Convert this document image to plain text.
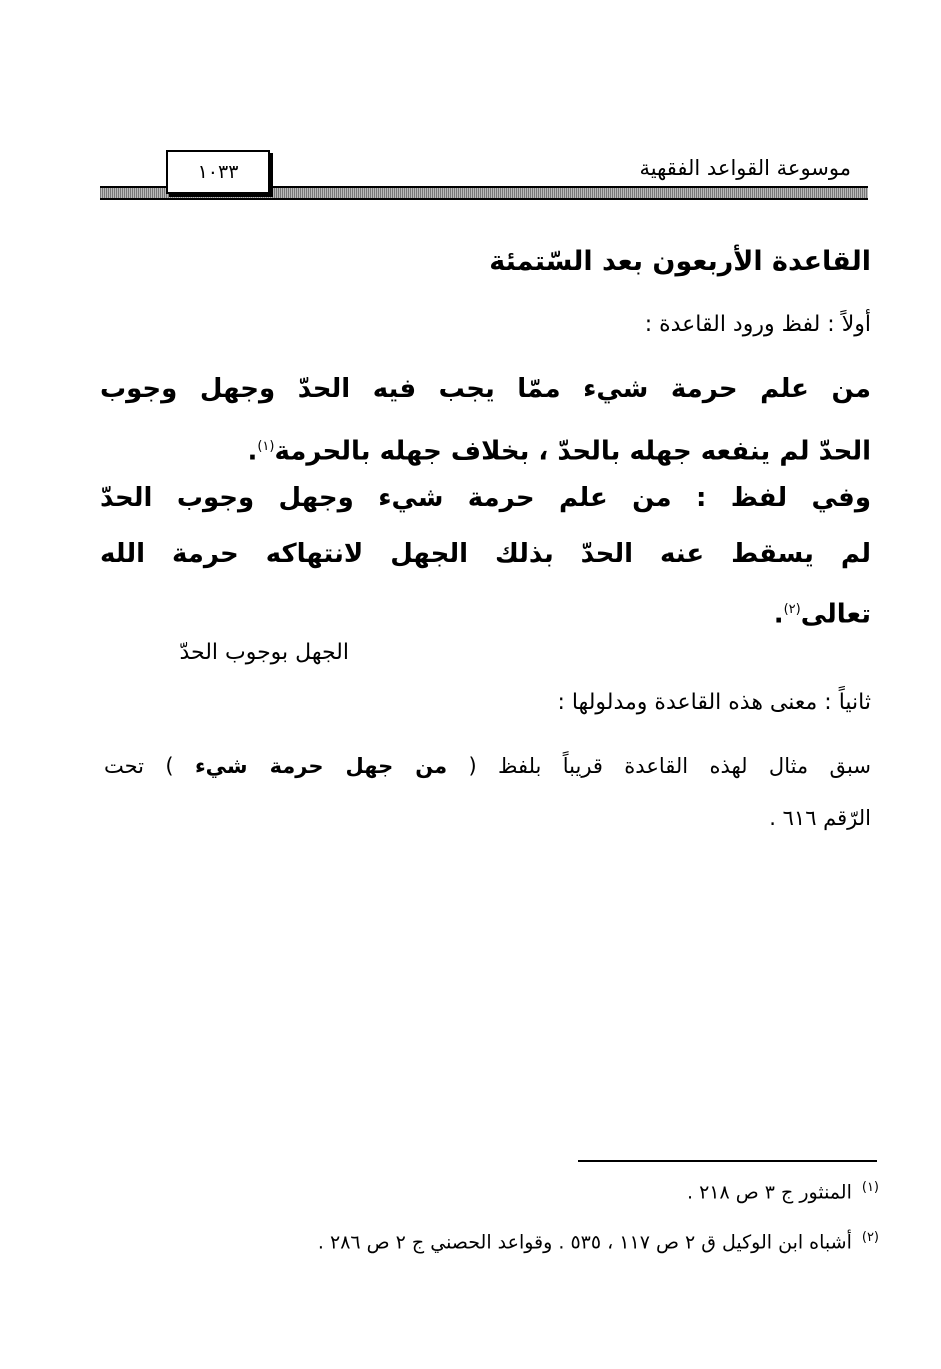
موسوعة القواعد الفقهية
١٠٣٣
القاعدة الأربعون بعد السّتمئة
أولاً : لفظ ورود القاعدة :
من علم حرمة شيء ممّا يجب فيه الحدّ وجهل وجوب
الحدّ لم ينفعه جهله بالحدّ ، بخلاف جهله بالحرمة$^{(١)}$.
وفي لفظ : من علم حرمة شيء وجهل وجوب الحدّ
لم يسقط عنه الحدّ بذلك الجهل لانتهاكه حرمة الله
تعالى$^{(٢)}$.
الجهل بوجوب الحدّ
ثانياً : معنى هذه القاعدة ومدلولها :
سبق مثال لهذه القاعدة قريباً بلفظ ( من جهل حرمة شيء ) تحت
الرّقم ٦١٦ .
$^{(١)}$المنثور ج ٣ ص ٢١٨ .
$^{(٢)}$أشباه ابن الوكيل ق ٢ ص ١١٧ ، ٥٣٥ . وقواعد الحصني ج ٢ ص ٢٨٦ .
